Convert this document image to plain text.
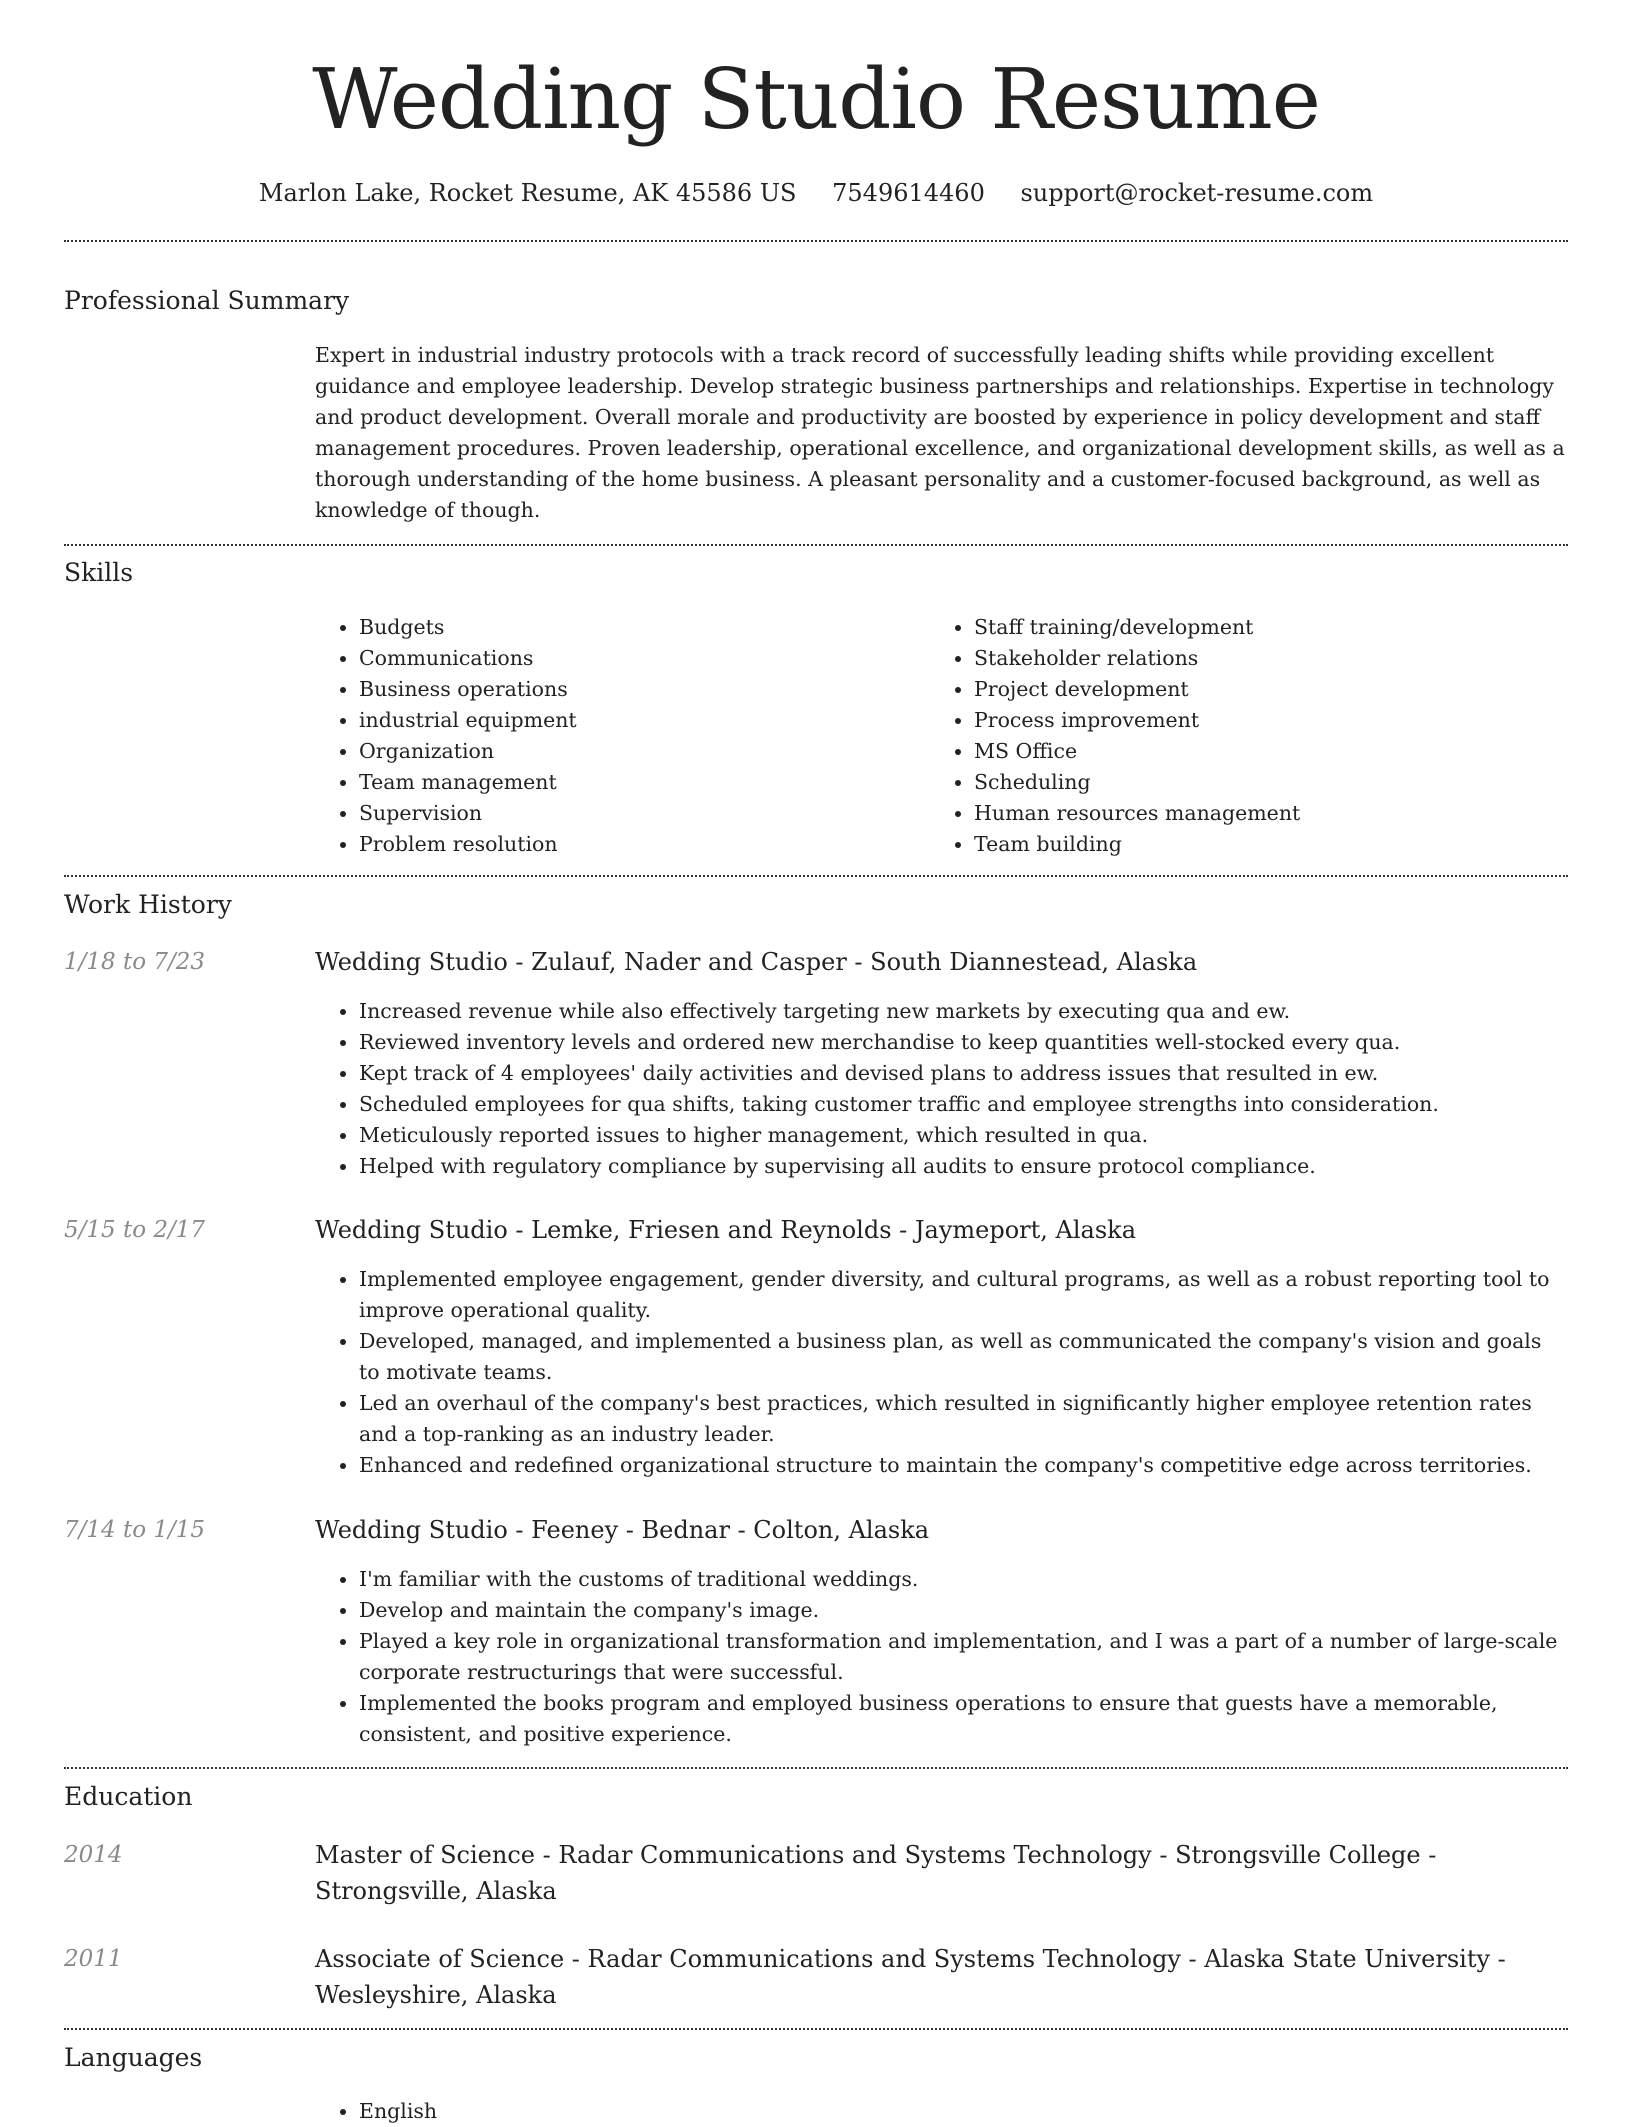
Wedding Studio Resume
Marlon Lake, Rocket Resume, AK 45586 US 7549614460 support@rocket-resume.com
Professional Summary
Expert in industrial industry protocols with a track record of successfully leading shifts while providing excellent guidance and employee leadership. Develop strategic business partnerships and relationships. Expertise in technology and product development. Overall morale and productivity are boosted by experience in policy development and staff management procedures. Proven leadership, operational excellence, and organizational development skills, as well as a thorough understanding of the home business. A pleasant personality and a customer-focused background, as well as knowledge of though.
Skills
• Budgets
• Communications
• Business operations
• industrial equipment
• Organization
• Team management
• Supervision
• Problem resolution
• Staff training/development
• Stakeholder relations
• Project development
• Process improvement
• MS Office
• Scheduling
• Human resources management
• Team building
Work History
1/18 to 7/23	Wedding Studio - Zulauf, Nader and Casper - South Diannestead, Alaska
• Increased revenue while also effectively targeting new markets by executing qua and ew.
• Reviewed inventory levels and ordered new merchandise to keep quantities well-stocked every qua.
• Kept track of 4 employees' daily activities and devised plans to address issues that resulted in ew.
• Scheduled employees for qua shifts, taking customer traffic and employee strengths into consideration.
• Meticulously reported issues to higher management, which resulted in qua.
• Helped with regulatory compliance by supervising all audits to ensure protocol compliance.
5/15 to 2/17	Wedding Studio - Lemke, Friesen and Reynolds - Jaymeport, Alaska
• Implemented employee engagement, gender diversity, and cultural programs, as well as a robust reporting tool to improve operational quality.
• Developed, managed, and implemented a business plan, as well as communicated the company's vision and goals to motivate teams.
• Led an overhaul of the company's best practices, which resulted in significantly higher employee retention rates and a top-ranking as an industry leader.
• Enhanced and redefined organizational structure to maintain the company's competitive edge across territories.
7/14 to 1/15	Wedding Studio - Feeney - Bednar - Colton, Alaska
• I'm familiar with the customs of traditional weddings.
• Develop and maintain the company's image.
• Played a key role in organizational transformation and implementation, and I was a part of a number of large-scale corporate restructurings that were successful.
• Implemented the books program and employed business operations to ensure that guests have a memorable, consistent, and positive experience.
Education
2014	Master of Science - Radar Communications and Systems Technology - Strongsville College - Strongsville, Alaska
2011	Associate of Science - Radar Communications and Systems Technology - Alaska State University - Wesleyshire, Alaska
Languages
• English
